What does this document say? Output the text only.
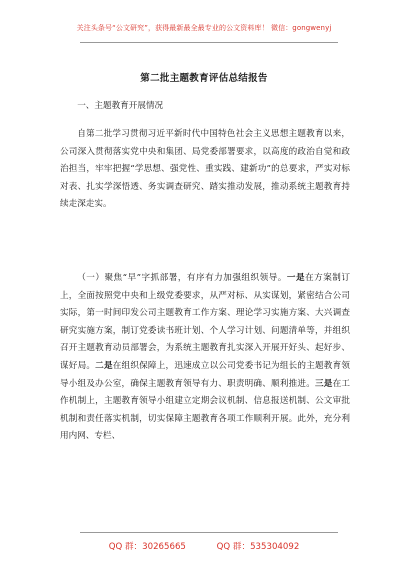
关注头条号“公文研究”，获得最新最全最专业的公文资料库！ 微信：gongwenyj
第二批主题教育评估总结报告

一、主题教育开展情况

自第二批学习贯彻习近平新时代中国特色社会主义思想主题教育以来，公司深入贯彻落实党中央和集团、局党委部署要求，以高度的政治自觉和政治担当，牢牢把握“学思想、强党性、重实践、建新功”的总要求，严实对标对表、扎实学深悟透、务实调查研究、踏实推动发展，推动系统主题教育持续走深走实。

（一）聚焦“早”字抓部署，有序有力加强组织领导。一是在方案制订上，全面按照党中央和上级党委要求，从严对标、从实谋划，紧密结合公司实际，第一时间印发公司主题教育工作方案、理论学习实施方案、大兴调查研究实施方案，制订党委读书班计划、个人学习计划、问题清单等，并组织召开主题教育动员部署会，为系统主题教育扎实深入开展开好头、起好步、谋好局。二是在组织保障上，迅速成立以公司党委书记为组长的主题教育领导小组及办公室，确保主题教育领导有力、职责明确、顺利推进。三是在工作机制上，主题教育领导小组建立定期会议机制、信息报送机制、公文审批机制和责任落实机制，切实保障主题教育各项工作顺利开展。此外，充分利用内网、专栏、

QQ 群：30265665	QQ 群：535304092
